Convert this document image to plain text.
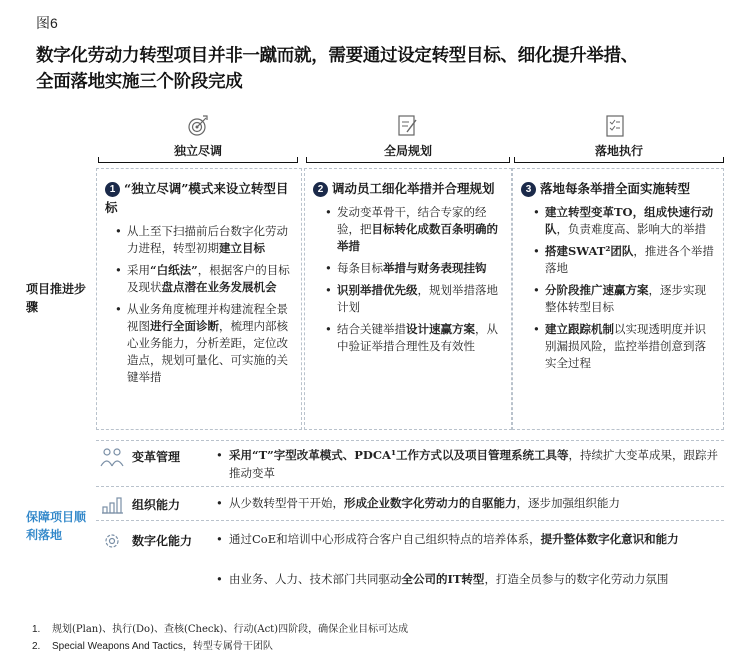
图6
数字化劳动力转型项目并非一蹴而就，需要通过设定转型目标、细化提升举措、
全面落地实施三个阶段完成
独立尽调	全局规划	落地执行
项目推进步骤
1 “独立尽调”模式来设立转型目标
• 从上至下扫描前后台数字化劳动力进程，转型初期建立目标
• 采用“白纸法”，根据客户的目标及现状盘点潜在业务发展机会
• 从业务角度梳理并构建流程全景视图进行全面诊断，梳理内部核心业务能力，分析差距，定位改造点，规划可量化、可实施的关键举措
2 调动员工细化举措并合理规划
• 发动变革骨干，结合专家的经验，把目标转化成数百条明确的举措
• 每条目标举措与财务表现挂钩
• 识别举措优先级，规划举措落地计划
• 结合关键举措设计速赢方案，从中验证举措合理性及有效性
3 落地每条举措全面实施转型
• 建立转型变革TO，组成快速行动队，负责难度高、影响大的举措
• 搭建SWAT²团队，推进各个举措落地
• 分阶段推广速赢方案，逐步实现整体转型目标
• 建立跟踪机制以实现透明度并识别漏损风险，监控举措创意到落实全过程
保障项目顺利落地
变革管理	• 采用“T”字型改革模式、PDCA¹工作方式以及项目管理系统工具等，持续扩大变革成果，跟踪并推动变革
组织能力	• 从少数转型骨干开始，形成企业数字化劳动力的自驱能力，逐步加强组织能力
数字化能力 • 通过CoE和培训中心形成符合客户自己组织特点的培养体系，提升整体数字化意识和能力
• 由业务、人力、技术部门共同驱动全公司的IT转型，打造全员参与的数字化劳动力氛围
1. 规划(Plan)、执行(Do)、查核(Check)、行动(Act)四阶段，确保企业目标可达成
2. Special Weapons And Tactics，转型专属骨干团队
